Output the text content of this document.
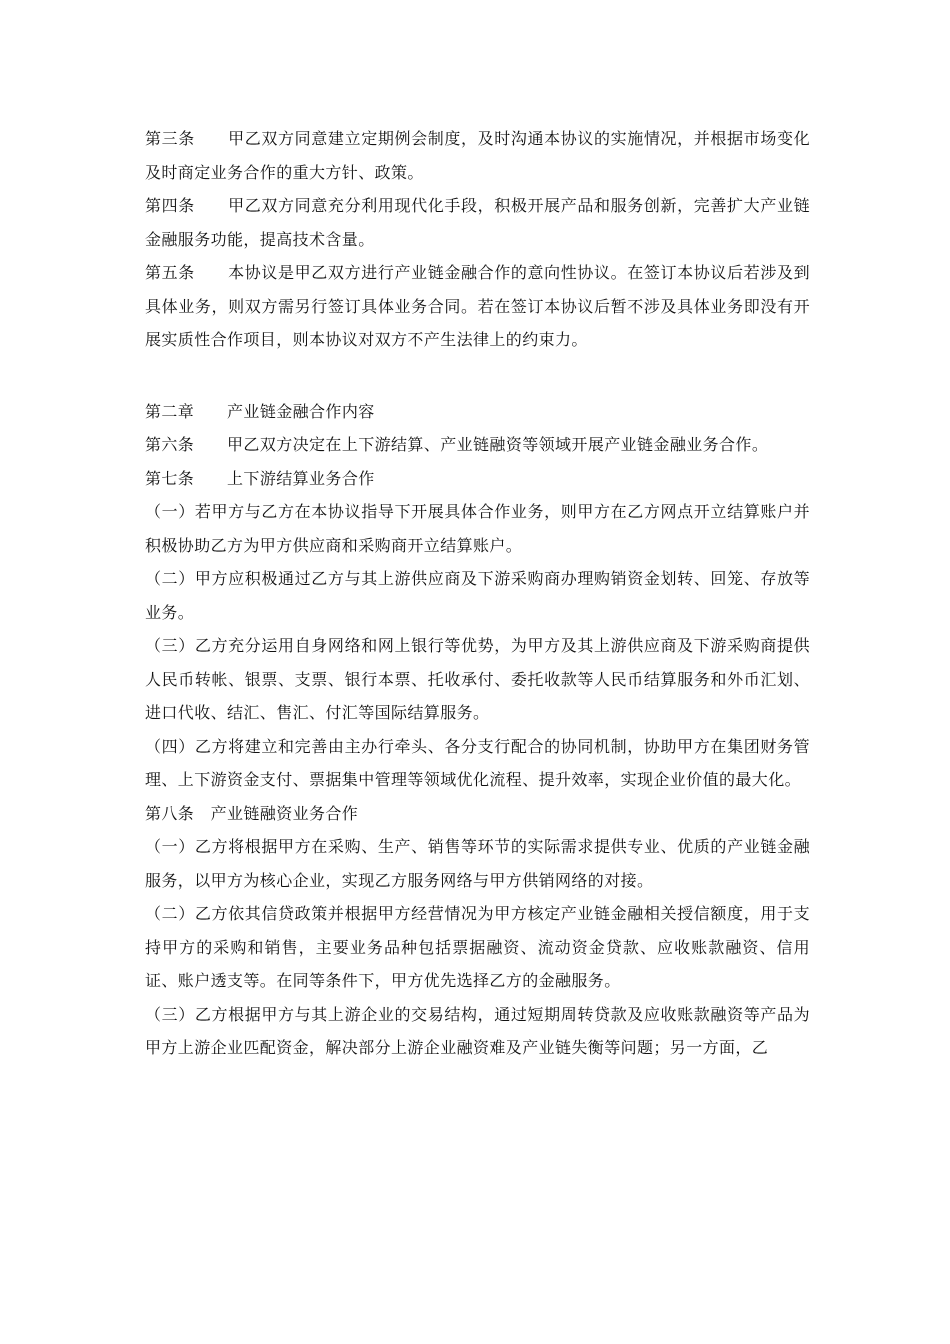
第三条　　 甲乙双方同意建立定期例会制度，及时沟通本协议的实施情况，并根据市场变化及时商定业务合作的重大方针、政策。

第四条　　 甲乙双方同意充分利用现代化手段，积极开展产品和服务创新，完善扩大产业链金融服务功能，提高技术含量。

第五条　　 本协议是甲乙双方进行产业链金融合作的意向性协议。在签订本协议后若涉及到具体业务，则双方需另行签订具体业务合同。若在签订本协议后暂不涉及具体业务即没有开展实质性合作项目，则本协议对双方不产生法律上的约束力。

第二章　　 产业链金融合作内容

第六条　　 甲乙双方决定在上下游结算、产业链融资等领域开展产业链金融业务合作。

第七条　　 上下游结算业务合作

（一）若甲方与乙方在本协议指导下开展具体合作业务，则甲方在乙方网点开立结算账户并积极协助乙方为甲方供应商和采购商开立结算账户。

（二）甲方应积极通过乙方与其上游供应商及下游采购商办理购销资金划转、回笼、存放等业务。

（三）乙方充分运用自身网络和网上银行等优势，为甲方及其上游供应商及下游采购商提供人民币转帐、银票、支票、银行本票、托收承付、委托收款等人民币结算服务和外币汇划、进口代收、结汇、售汇、付汇等国际结算服务。

（四）乙方将建立和完善由主办行牵头、各分支行配合的协同机制，协助甲方在集团财务管理、上下游资金支付、票据集中管理等领域优化流程、提升效率，实现企业价值的最大化。

第八条　 产业链融资业务合作

（一）乙方将根据甲方在采购、生产、销售等环节的实际需求提供专业、优质的产业链金融服务，以甲方为核心企业，实现乙方服务网络与甲方供销网络的对接。

（二）乙方依其信贷政策并根据甲方经营情况为甲方核定产业链金融相关授信额度，用于支持甲方的采购和销售，主要业务品种包括票据融资、流动资金贷款、应收账款融资、信用证、账户透支等。在同等条件下，甲方优先选择乙方的金融服务。

（三）乙方根据甲方与其上游企业的交易结构，通过短期周转贷款及应收账款融资等产品为甲方上游企业匹配资金，解决部分上游企业融资难及产业链失衡等问题；另一方面，乙
